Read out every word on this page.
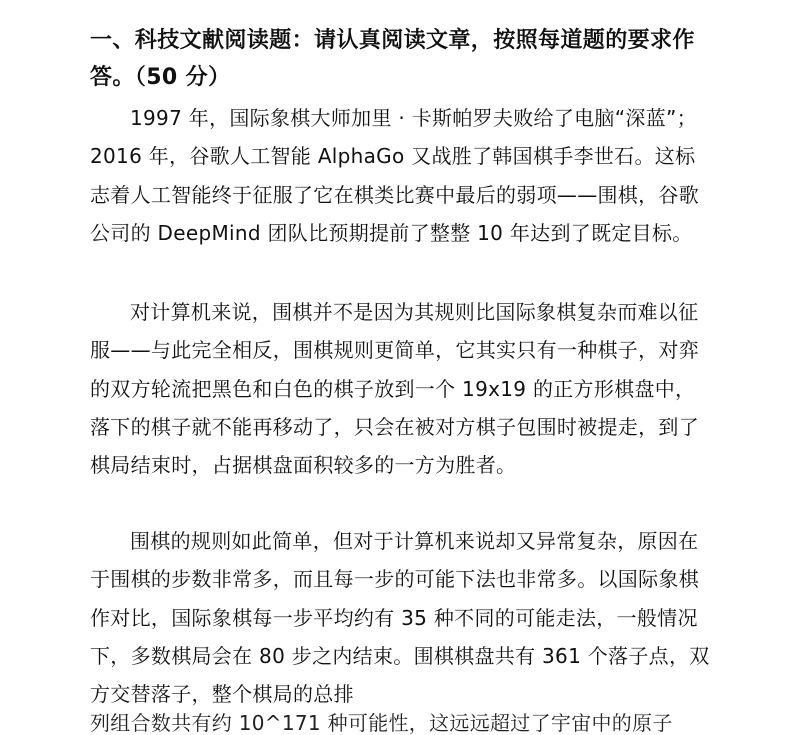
一、科技文献阅读题：请认真阅读文章，按照每道题的要求作答。（50 分）

1997 年，国际象棋大师加里 · 卡斯帕罗夫败给了电脑“深蓝”；2016 年，谷歌人工智能 AlphaGo 又战胜了韩国棋手李世石。这标志着人工智能终于征服了它在棋类比赛中最后的弱项——围棋，谷歌公司的 DeepMind 团队比预期提前了整整 10 年达到了既定目标。

对计算机来说，围棋并不是因为其规则比国际象棋复杂而难以征服——与此完全相反，围棋规则更简单，它其实只有一种棋子，对弈的双方轮流把黑色和白色的棋子放到一个 19x19 的正方形棋盘中，落下的棋子就不能再移动了，只会在被对方棋子包围时被提走，到了棋局结束时，占据棋盘面积较多的一方为胜者。

围棋的规则如此简单，但对于计算机来说却又异常复杂，原因在于围棋的步数非常多，而且每一步的可能下法也非常多。以国际象棋作对比，国际象棋每一步平均约有 35 种不同的可能走法，一般情况下，多数棋局会在 80 步之内结束。围棋棋盘共有 361 个落子点，双方交替落子，整个棋局的总排

列组合数共有约 10^171 种可能性，这远远超过了宇宙中的原子
